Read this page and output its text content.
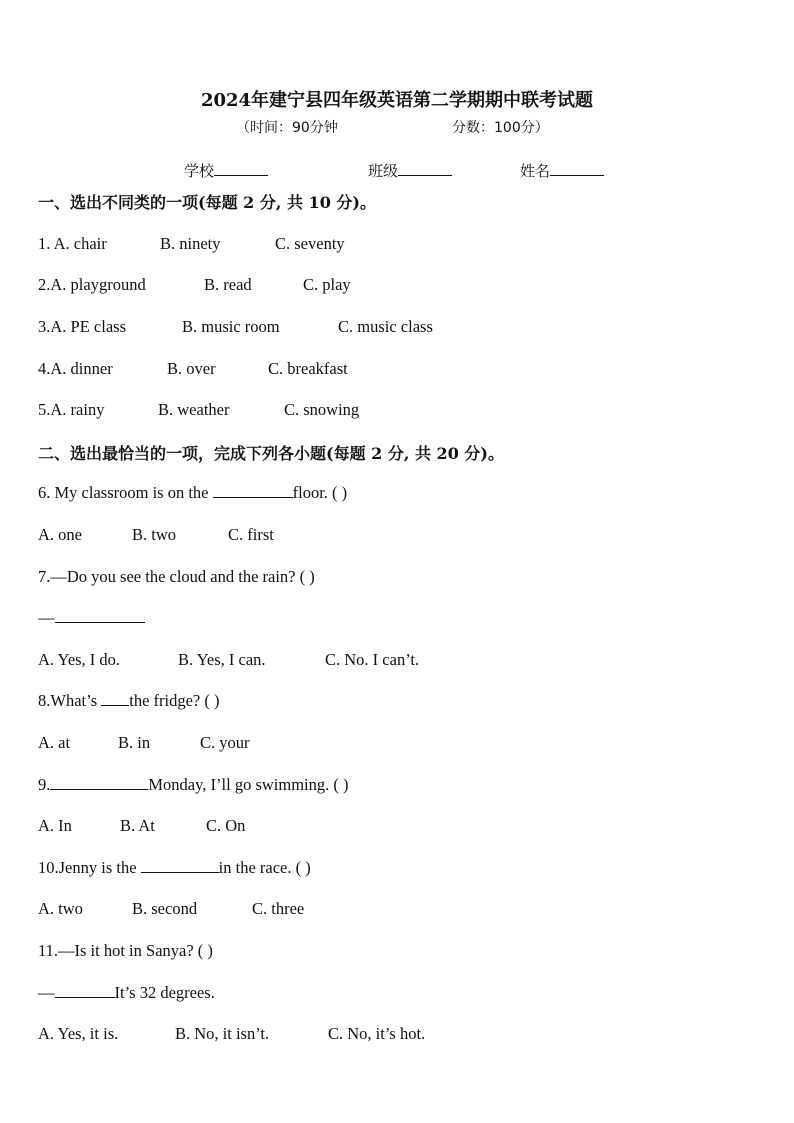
2024年建宁县四年级英语第二学期期中联考试题
（时间：90分钟	分数：100分）
学校	班级	姓名
一、选出不同类的一项(每题 2 分, 共 10 分)。
1. A. chair	B. ninety	C. seventy
2.A. playground	B. read	C. play
3.A. PE class	B. music room	C. music class
4.A. dinner	B. over	C. breakfast
5.A. rainy	B. weather	C. snowing
二、选出最恰当的一项，完成下列各小题(每题 2 分, 共 20 分)。
6. My classroom is on the	floor. ( )
A. one	B. two	C. first
7.—Do you see the cloud and the rain? ( )
—
A. Yes, I do.	B. Yes, I can.	C. No. I can’t.
8.What’s the fridge? ( )
A. at	B. in	C. your
9.	Monday, I’ll go swimming. ( )
A. In	B. At	C. On
10.Jenny is the	in the race. ( )
A. two	B. second	C. three
11.—Is it hot in Sanya? ( )
—	It’s 32 degrees.
A. Yes, it is.	B. No, it isn’t.	C. No, it’s hot.
